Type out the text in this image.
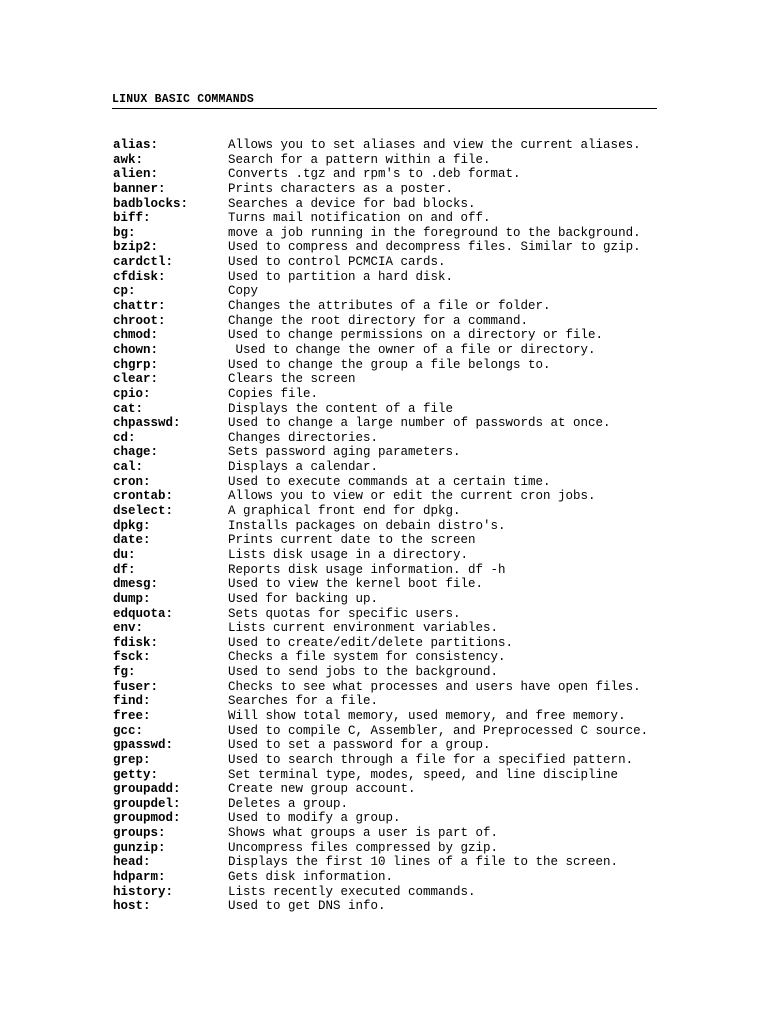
LINUX BASIC COMMANDS
alias:	Allows you to set aliases and view the current aliases.
awk:	Search for a pattern within a file.
alien:	Converts .tgz and rpm's to .deb format.
banner:	Prints characters as a poster.
badblocks:	Searches a device for bad blocks.
biff:	Turns mail notification on and off.
bg:	move a job running in the foreground to the background.
bzip2:	Used to compress and decompress files. Similar to gzip.
cardctl:	Used to control PCMCIA cards.
cfdisk:	Used to partition a hard disk.
cp:	Copy
chattr:	Changes the attributes of a file or folder.
chroot:	Change the root directory for a command.
chmod:	Used to change permissions on a directory or file.
chown:	Used to change the owner of a file or directory.
chgrp:	Used to change the group a file belongs to.
clear:	Clears the screen
cpio:	Copies file.
cat:	Displays the content of a file
chpasswd:	Used to change a large number of passwords at once.
cd:	Changes directories.
chage:	Sets password aging parameters.
cal:	Displays a calendar.
cron:	Used to execute commands at a certain time.
crontab:	Allows you to view or edit the current cron jobs.
dselect:	A graphical front end for dpkg.
dpkg:	Installs packages on debain distro's.
date:	Prints current date to the screen
du:	Lists disk usage in a directory.
df:	Reports disk usage information. df -h
dmesg:	Used to view the kernel boot file.
dump:	Used for backing up.
edquota:	Sets quotas for specific users.
env:	Lists current environment variables.
fdisk:	Used to create/edit/delete partitions.
fsck:	Checks a file system for consistency.
fg:	Used to send jobs to the background.
fuser:	Checks to see what processes and users have open files.
find:	Searches for a file.
free:	Will show total memory, used memory, and free memory.
gcc:	Used to compile C, Assembler, and Preprocessed C source.
gpasswd:	Used to set a password for a group.
grep:	Used to search through a file for a specified pattern.
getty:	Set terminal type, modes, speed, and line discipline
groupadd:	Create new group account.
groupdel:	Deletes a group.
groupmod:	Used to modify a group.
groups:	Shows what groups a user is part of.
gunzip:	Uncompress files compressed by gzip.
head:	Displays the first 10 lines of a file to the screen.
hdparm:	Gets disk information.
history:	Lists recently executed commands.
host:	Used to get DNS info.
